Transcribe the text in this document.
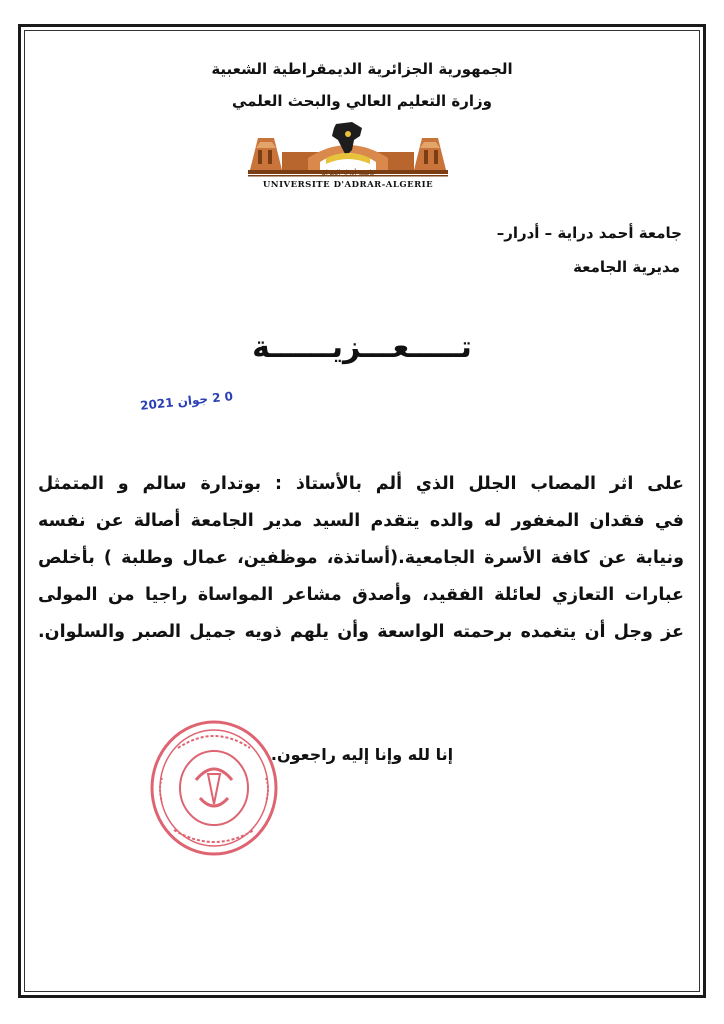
الجمهورية الجزائرية الديمقراطية الشعبية
وزارة التعليم العالي والبحث العلمي
جامعة أدرار الجزائر
UNIVERSITE D'ADRAR-ALGERIE
جامعة أحمد دراية – أدرار–
مديرية الجامعة
تـــــعـــزيــــــة
0 2 جوان 2021
على اثر المصاب الجلل الذي ألم بالأستاذ : بوتدارة سالم و المتمثل
في فقدان المغفور له والده يتقدم السيد مدير الجامعة أصالة عن نفسه
ونيابة عن كافة الأسرة الجامعية.(أساتذة، موظفين، عمال وطلبة ) بأخلص
عبارات التعازي لعائلة الفقيد، وأصدق مشاعر المواساة راجيا من المولى
عز وجل أن يتغمده برحمته الواسعة وأن يلهم ذويه جميل الصبر والسلوان.
إنا لله وإنا إليه راجعون.
